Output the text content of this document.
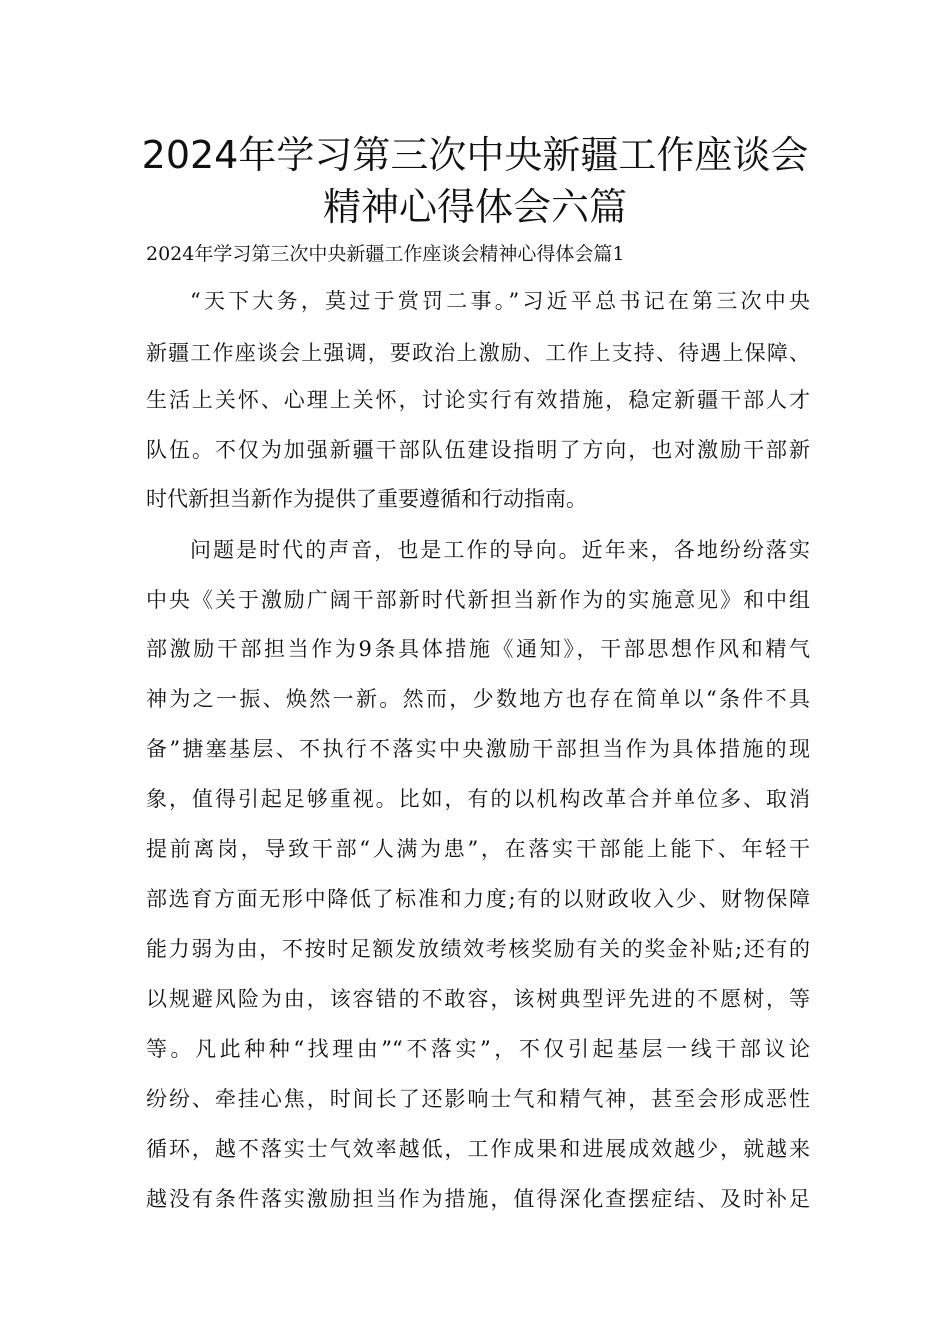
2024年学习第三次中央新疆工作座谈会
精神心得体会六篇
2024年学习第三次中央新疆工作座谈会精神心得体会篇1
“天下大务，莫过于赏罚二事。”习近平总书记在第三次中央
新疆工作座谈会上强调，要政治上激励、工作上支持、待遇上保障、
生活上关怀、心理上关怀，讨论实行有效措施，稳定新疆干部人才
队伍。不仅为加强新疆干部队伍建设指明了方向，也对激励干部新
时代新担当新作为提供了重要遵循和行动指南。
问题是时代的声音，也是工作的导向。近年来，各地纷纷落实
中央《关于激励广阔干部新时代新担当新作为的实施意见》和中组
部激励干部担当作为9条具体措施《通知》，干部思想作风和精气
神为之一振、焕然一新。然而，少数地方也存在简单以“条件不具
备”搪塞基层、不执行不落实中央激励干部担当作为具体措施的现
象，值得引起足够重视。比如，有的以机构改革合并单位多、取消
提前离岗，导致干部“人满为患”，在落实干部能上能下、年轻干
部选育方面无形中降低了标准和力度;有的以财政收入少、财物保障
能力弱为由，不按时足额发放绩效考核奖励有关的奖金补贴;还有的
以规避风险为由，该容错的不敢容，该树典型评先进的不愿树，等
等。凡此种种“找理由”“不落实”，不仅引起基层一线干部议论
纷纷、牵挂心焦，时间长了还影响士气和精气神，甚至会形成恶性
循环，越不落实士气效率越低，工作成果和进展成效越少，就越来
越没有条件落实激励担当作为措施，值得深化查摆症结、及时补足
